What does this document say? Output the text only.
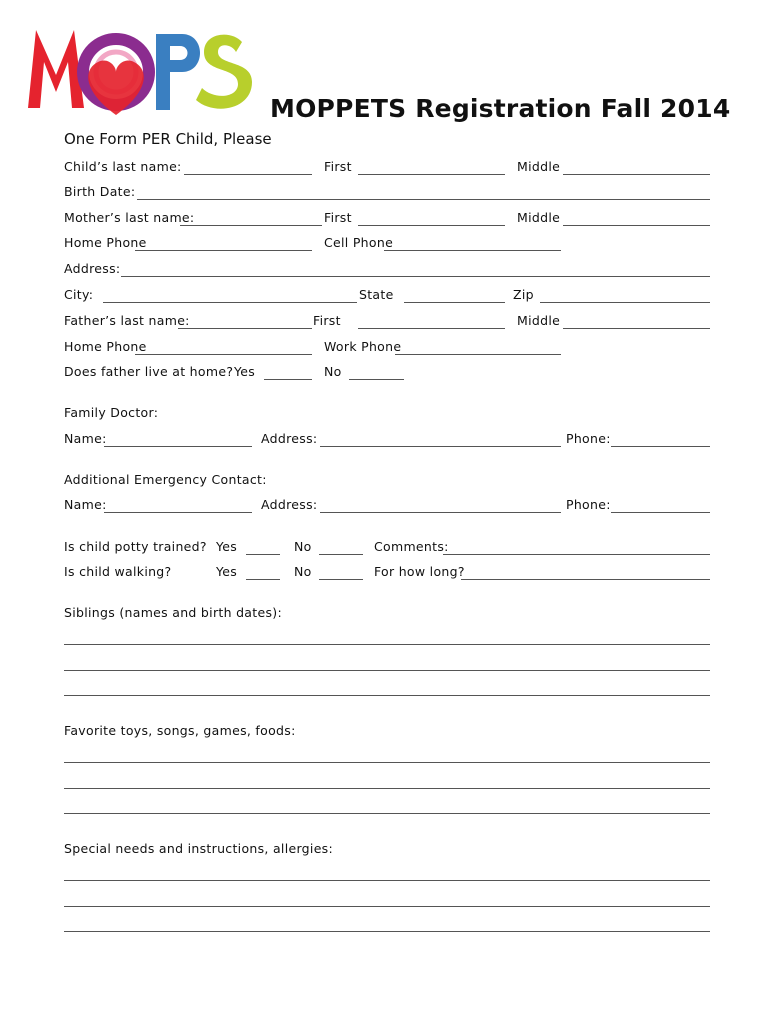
MOPPETS Registration Fall 2014
One Form PER Child, Please
Child’s last name:	First	Middle
Birth Date:
Mother’s last name:	First	Middle
Home Phone	Cell Phone
Address:
City:	State	Zip
Father’s last name:	First	Middle
Home Phone	Work Phone
Does father live at home? Yes	No
Family Doctor:
Name:	Address:	Phone:
Additional Emergency Contact:
Name:	Address:	Phone:
Is child potty trained? Yes	No	Comments:
Is child walking?	Yes	No	For how long?
Siblings (names and birth dates):
Favorite toys, songs, games, foods:
Special needs and instructions, allergies:
